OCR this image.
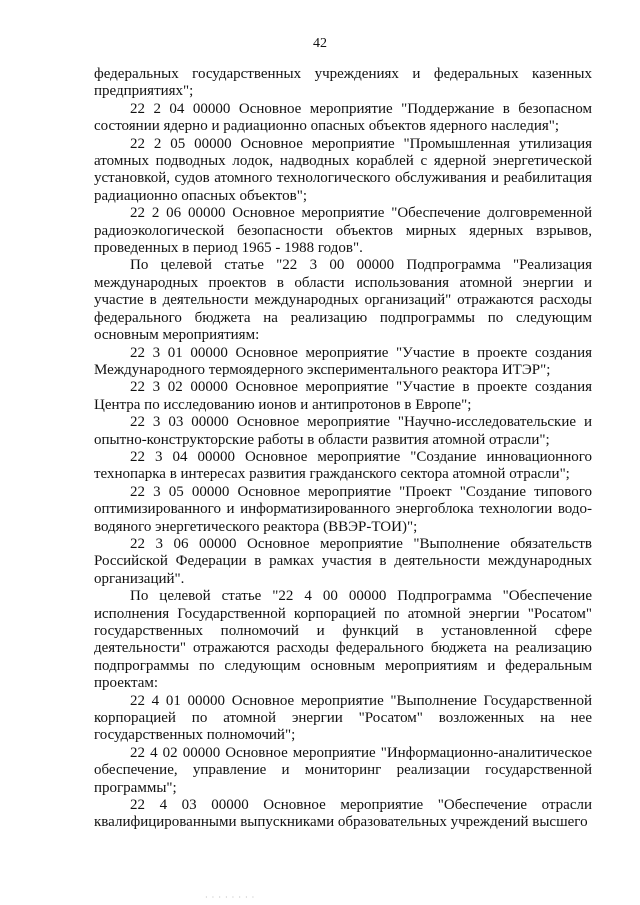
42

федеральных государственных учреждениях и федеральных казенных предприятиях";

22 2 04 00000 Основное мероприятие "Поддержание в безопасном состоянии ядерно и радиационно опасных объектов ядерного наследия";

22 2 05 00000 Основное мероприятие "Промышленная утилизация атомных подводных лодок, надводных кораблей с ядерной энергетической установкой, судов атомного технологического обслуживания и реабилитация радиационно опасных объектов";

22 2 06 00000 Основное мероприятие "Обеспечение долговременной радиоэкологической безопасности объектов мирных ядерных взрывов, проведенных в период 1965 - 1988 годов".

По целевой статье "22 3 00 00000 Подпрограмма "Реализация международных проектов в области использования атомной энергии и участие в деятельности международных организаций" отражаются расходы федерального бюджета на реализацию подпрограммы по следующим основным мероприятиям:

22 3 01 00000 Основное мероприятие "Участие в проекте создания Международного термоядерного экспериментального реактора ИТЭР";

22 3 02 00000 Основное мероприятие "Участие в проекте создания Центра по исследованию ионов и антипротонов в Европе";

22 3 03 00000 Основное мероприятие "Научно-исследовательские и опытно-конструкторские работы в области развития атомной отрасли";

22 3 04 00000 Основное мероприятие "Создание инновационного технопарка в интересах развития гражданского сектора атомной отрасли";

22 3 05 00000 Основное мероприятие "Проект "Создание типового оптимизированного и информатизированного энергоблока технологии водо-водяного энергетического реактора (ВВЭР-ТОИ)";

22 3 06 00000 Основное мероприятие "Выполнение обязательств Российской Федерации в рамках участия в деятельности международных организаций".

По целевой статье "22 4 00 00000 Подпрограмма "Обеспечение исполнения Государственной корпорацией по атомной энергии "Росатом" государственных полномочий и функций в установленной сфере деятельности" отражаются расходы федерального бюджета на реализацию подпрограммы по следующим основным мероприятиям и федеральным проектам:

22 4 01 00000 Основное мероприятие "Выполнение Государственной корпорацией по атомной энергии "Росатом" возложенных на нее государственных полномочий";

22 4 02 00000 Основное мероприятие "Информационно-аналитическое обеспечение, управление и мониторинг реализации государственной программы";

22 4 03 00000 Основное мероприятие "Обеспечение отрасли квалифицированными выпускниками образовательных учреждений высшего

· · · · · · · ·
